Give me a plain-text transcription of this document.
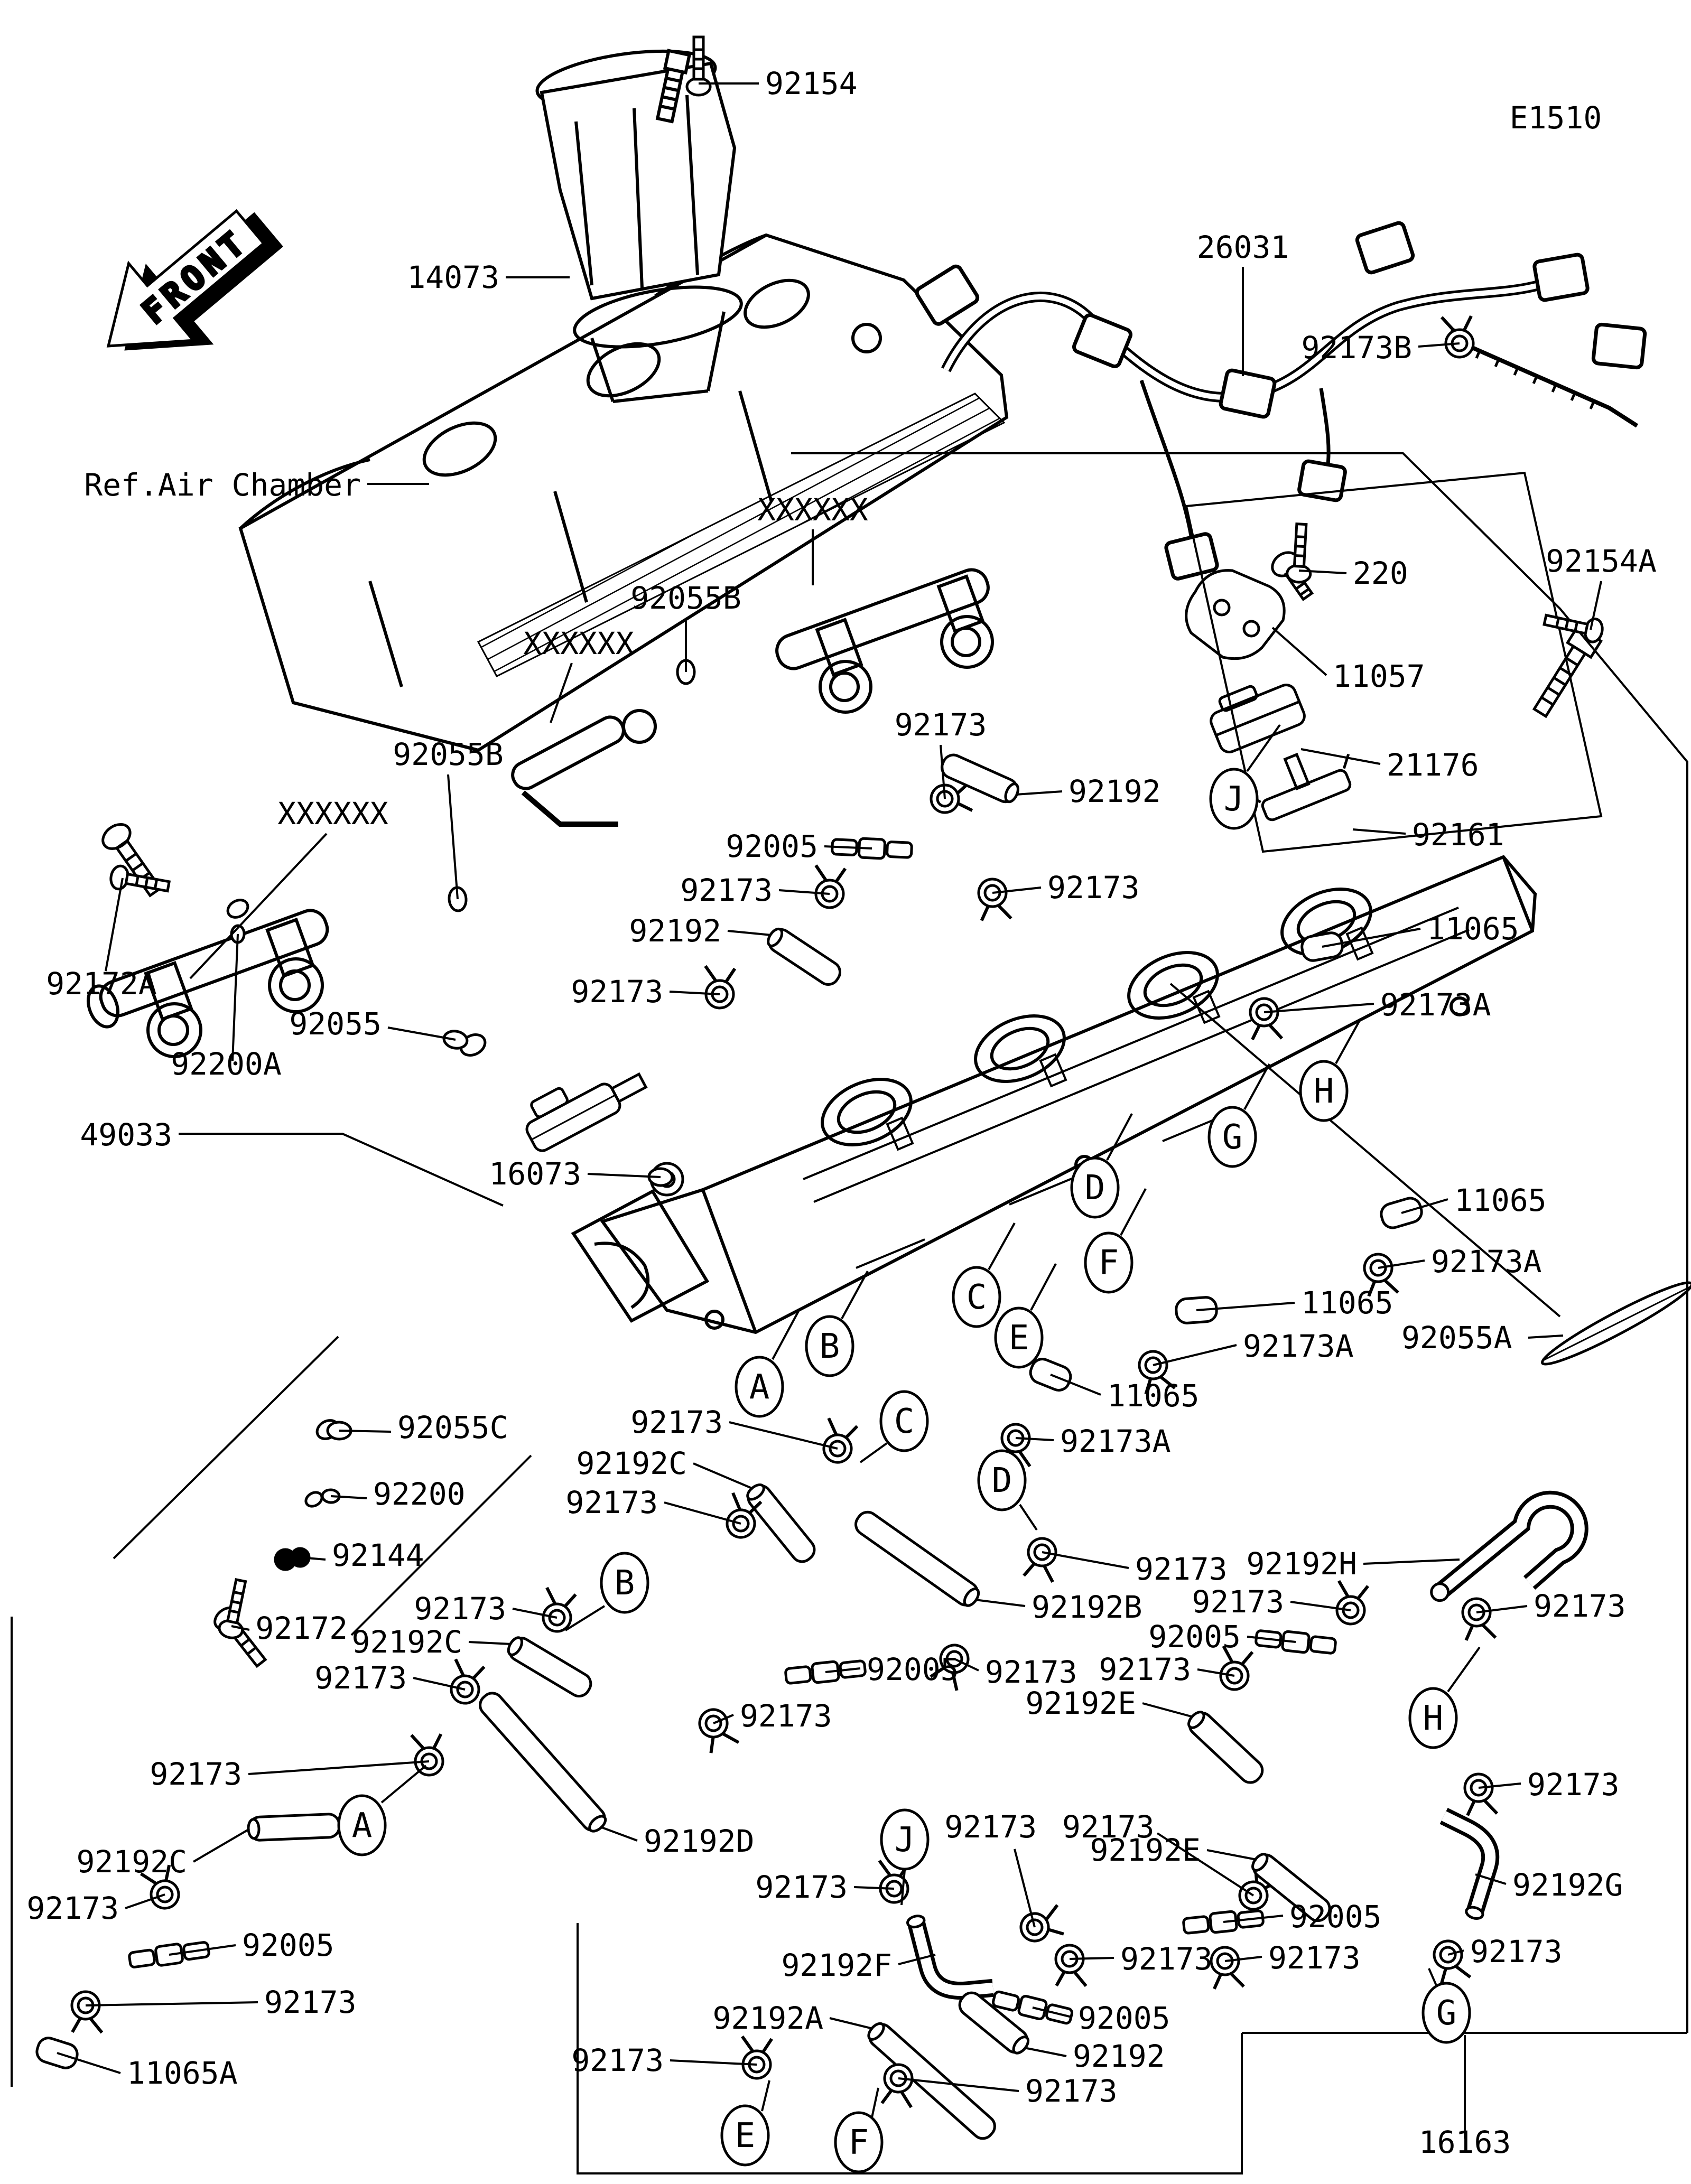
FRONT
92154
14073
E1510
26031
92173B
Ref.Air Chamber
XXXXXX
92055B
XXXXXX
220
11057
21176
92161
92154A
92055B
XXXXXX
92172A
92200A
92055
49033
16073
92173
92192
92005
92173
92192
92173
92173
11065
92173A
11065
92173A
11065
92173A
11065
92173A
92055A
92055C
92200
92144
92172
92173
92192C
92173
92173
92192B
92173
92005
92173
92192D
92173
92192F
92173 92173
92192H
92173	92173
92005
92173
92192E
92005
92173
92192E
92173
92192G
92173
16163
92173
92192C
92173
92173
92192C
92173
92005
92173
11065A	92173
92192A
92173
92192
92173
92005
J
A
B
C
E
F
D
G
H
C
D
B
A	J
H
G
E	F
